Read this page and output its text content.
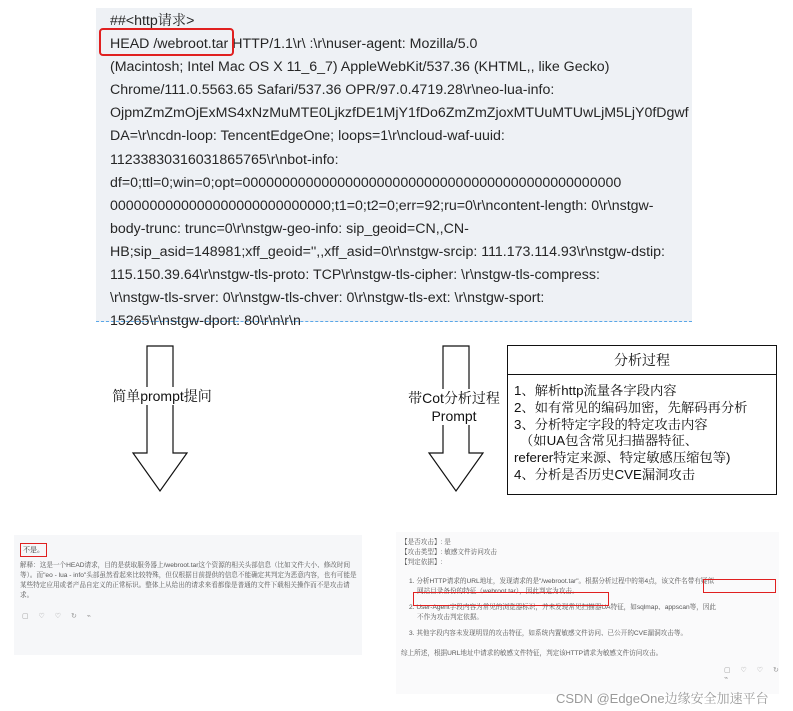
##<http请求>
HEAD /webroot.tar HTTP/1.1\r\ :\r\nuser-agent: Mozilla/5.0
(Macintosh; Intel Mac OS X 11_6_7) AppleWebKit/537.36 (KHTML,, like Gecko)
Chrome/111.0.5563.65 Safari/537.36 OPR/97.0.4719.28\r\neo-lua-info:
OjpmZmZmOjExMS4xNzMuMTE0LjkzfDE1MjY1fDo6ZmZmZjoxMTUuMTUwLjM5LjY0fDgwf
DA=\r\ncdn-loop: TencentEdgeOne; loops=1\r\ncloud-waf-uuid:
11233830316031865765\r\nbot-info:
df=0;ttl=0;win=0;opt=000000000000000000000000000000000000000000000000
0000000000000000000000000000;t1=0;t2=0;err=92;ru=0\r\ncontent-length: 0\r\nstgw-
body-trunc: trunc=0\r\nstgw-geo-info: sip_geoid=CN,,CN-
HB;sip_asid=148981;xff_geoid='',,xff_asid=0\r\nstgw-srcip: 111.173.114.93\r\nstgw-dstip:
115.150.39.64\r\nstgw-tls-proto: TCP\r\nstgw-tls-cipher: \r\nstgw-tls-compress:
\r\nstgw-tls-srver: 0\r\nstgw-tls-chver: 0\r\nstgw-tls-ext: \r\nstgw-sport:
15265\r\nstgw-dport: 80\r\n\r\n
简单prompt提问	带Cot分析过程
Prompt
分析过程
1、解析http流量各字段内容
2、如有常见的编码加密，先解码再分析
3、分析特定字段的特定攻击内容
（如UA包含常见扫描器特征、
referer特定来源、特定敏感压缩包等)
4、分析是否历史CVE漏洞攻击
不是。
解释：这是一个HEAD请求，目的是获取服务器上/webroot.tar这个资源的相关头部信息（比如文件大小、修改时间等）。而"eo - lua - info"头部虽然看起来比较特殊，但仅根据目前提供的信息不能确定其判定为恶意内容，也有可能是某些特定应用或者产品自定义的正常标识。整体上从给出的请求来看都像是普通的文件下载相关操作而不是攻击请求。
▢ ♡ ♡ ↻ ⌁
【是否攻击】: 是
【攻击类型】: 敏感文件访问攻击
【判定依据】:
1. 分析HTTP请求的URL地址，发现请求的是"/webroot.tar"。根据分析过程中的第4点，该文件名带有疑似
网站目录备份的特征（webroot.tar），因此判定为攻击。
2. User-Agent字段内容为常见的浏览器标识，并未发现常见扫描器UA特征，如sqlmap、appscan等，因此
不作为攻击判定依据。
3. 其他字段内容未发现明显的攻击特征，如系统内置敏感文件访问、已公开的CVE漏洞攻击等。
综上所述，根据URL地址中请求的敏感文件特征，判定该HTTP请求为敏感文件访问攻击。
▢ ♡ ♡ ↻ ⌁
CSDN @EdgeOne边缘安全加速平台
